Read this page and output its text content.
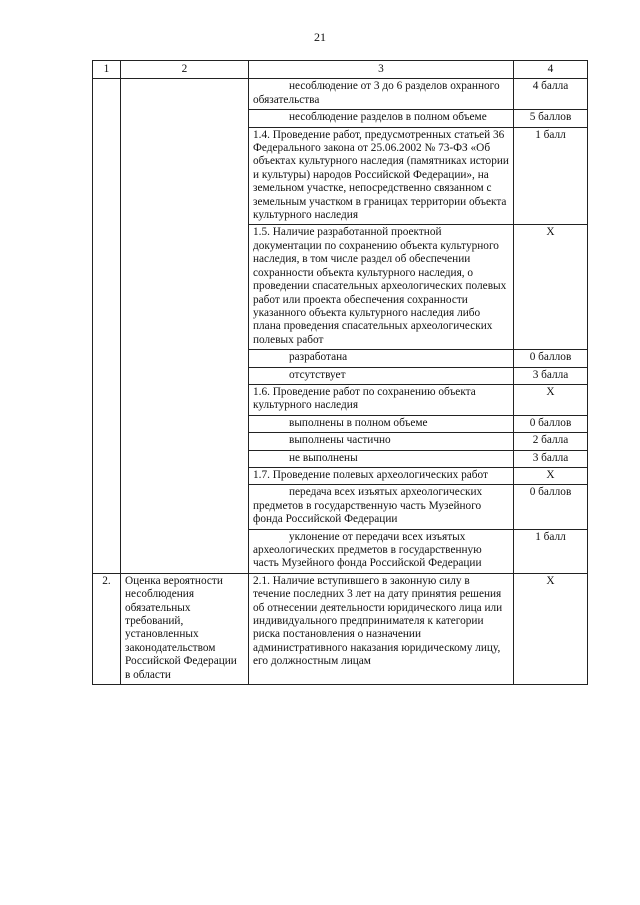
21
1	2	3	4
		несоблюдение от 3 до 6 разделов охранного обязательства	4 балла
		несоблюдение разделов в полном объеме	5 баллов
		1.4. Проведение работ, предусмотренных статьей 36 Федерального закона от 25.06.2002 № 73-ФЗ «Об объектах культурного наследия (памятниках истории и культуры) народов Российской Федерации», на земельном участке, непосредственно связанном с земельным участком в границах территории объекта культурного наследия	1 балл
		1.5. Наличие разработанной проектной документации по сохранению объекта культурного наследия, в том числе раздел об обеспечении сохранности объекта культурного наследия, о проведении спасательных археологических полевых работ или проекта обеспечения сохранности указанного объекта культурного наследия либо плана проведения спасательных археологических полевых работ	X
		разработана	0 баллов
		отсутствует	3 балла
		1.6. Проведение работ по сохранению объекта культурного наследия	X
		выполнены в полном объеме	0 баллов
		выполнены частично	2 балла
		не выполнены	3 балла
		1.7. Проведение полевых археологических работ	X
		передача всех изъятых археологических предметов в государственную часть Музейного фонда Российской Федерации	0 баллов
		уклонение от передачи всех изъятых археологических предметов в государственную часть Музейного фонда Российской Федерации	1 балл
2.	Оценка вероятности несоблюдения обязательных требований, установленных законодательством Российской Федерации в области	2.1. Наличие вступившего в законную силу в течение последних 3 лет на дату принятия решения об отнесении деятельности юридического лица или индивидуального предпринимателя к категории риска постановления о назначении административного наказания юридическому лицу, его должностным лицам	X
